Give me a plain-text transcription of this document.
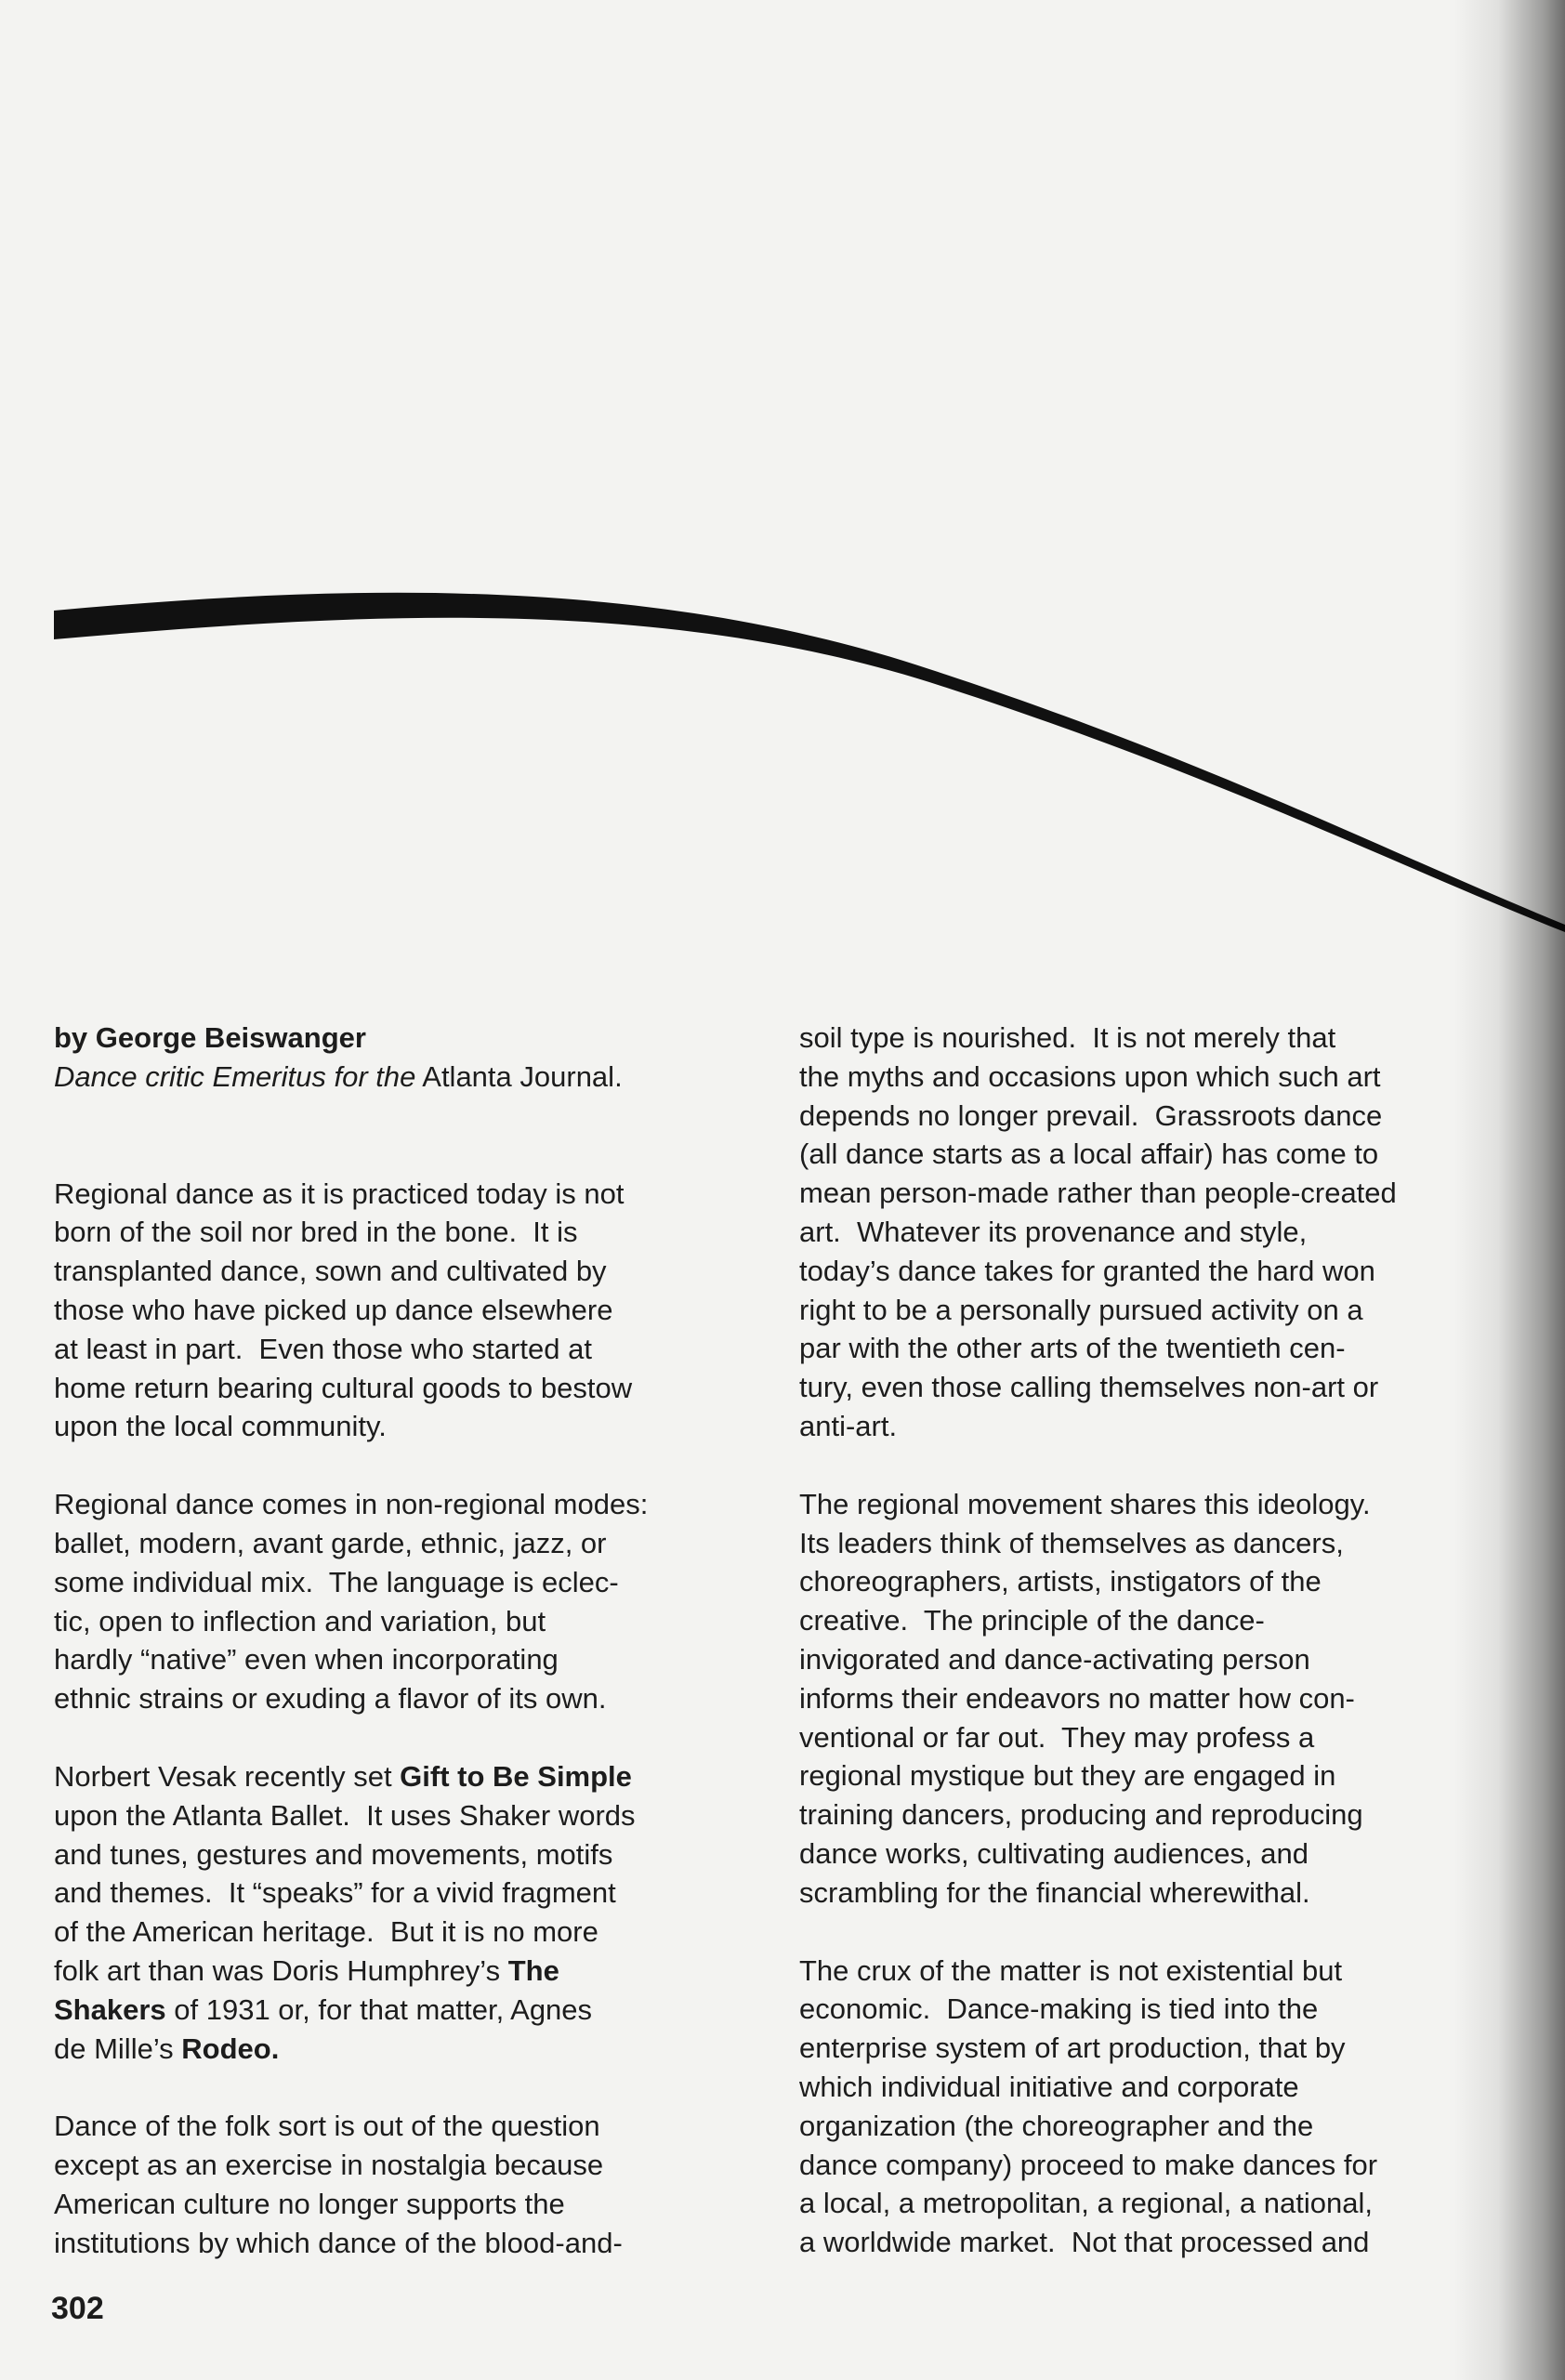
by George Beiswanger
Dance critic Emeritus for the Atlanta Journal.
Regional dance as it is practiced today is not
born of the soil nor bred in the bone.  It is
transplanted dance, sown and cultivated by
those who have picked up dance elsewhere
at least in part.  Even those who started at
home return bearing cultural goods to bestow
upon the local community.
Regional dance comes in non-regional modes:
ballet, modern, avant garde, ethnic, jazz, or
some individual mix.  The language is eclec-
tic, open to inflection and variation, but
hardly “native” even when incorporating
ethnic strains or exuding a flavor of its own.
Norbert Vesak recently set Gift to Be Simple
upon the Atlanta Ballet.  It uses Shaker words
and tunes, gestures and movements, motifs
and themes.  It “speaks” for a vivid fragment
of the American heritage.  But it is no more
folk art than was Doris Humphrey’s The
Shakers of 1931 or, for that matter, Agnes
de Mille’s Rodeo.
Dance of the folk sort is out of the question
except as an exercise in nostalgia because
American culture no longer supports the
institutions by which dance of the blood-and-
soil type is nourished.  It is not merely that
the myths and occasions upon which such art
depends no longer prevail.  Grassroots dance
(all dance starts as a local affair) has come to
mean person-made rather than people-created
art.  Whatever its provenance and style,
today’s dance takes for granted the hard won
right to be a personally pursued activity on a
par with the other arts of the twentieth cen-
tury, even those calling themselves non-art or
anti-art.
The regional movement shares this ideology.
Its leaders think of themselves as dancers,
choreographers, artists, instigators of the
creative.  The principle of the dance-
invigorated and dance-activating person
informs their endeavors no matter how con-
ventional or far out.  They may profess a
regional mystique but they are engaged in
training dancers, producing and reproducing
dance works, cultivating audiences, and
scrambling for the financial wherewithal.
The crux of the matter is not existential but
economic.  Dance-making is tied into the
enterprise system of art production, that by
which individual initiative and corporate
organization (the choreographer and the
dance company) proceed to make dances for
a local, a metropolitan, a regional, a national,
a worldwide market.  Not that processed and
302
